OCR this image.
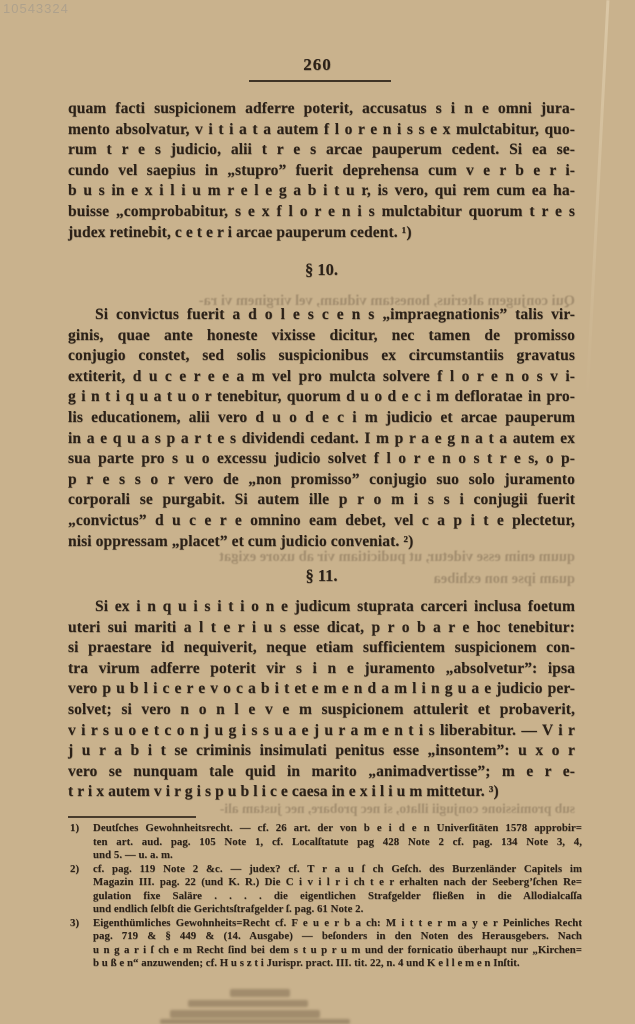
10543324
260
Qui conjugem alterius, honestam viduam, vel virginem vi ra-
quum enim esse videtur, ut pudicitiam vir ab uxore exigat
quam ipse non exhibea
sub promissione conjugii illato, si nec probare, nec justam ali-
quam facti suspicionem adferre poterit, accusatus s i n e omni jura-
mento absolvatur, v i t i a t a autem f l o r e n i s s e x mulctabitur, quo-
rum t r e s judicio, alii t r e s arcae pauperum cedent. Si ea se-
cundo vel saepius in „stupro” fuerit deprehensa cum v e r b e r i-
b u s in e x i l i u m r e l e g a b i t u r, is vero, qui rem cum ea ha-
buisse „comprobabitur, s e x f l o r e n i s mulctabitur quorum t r e s
judex retinebit, c e t e r i arcae pauperum cedent. ¹)
§ 10.
Si convictus fuerit a d o l e s c e n s „impraegnationis” talis vir-
ginis, quae ante honeste vixisse dicitur, nec tamen de promisso
conjugio constet, sed solis suspicionibus ex circumstantiis gravatus
extiterit, d u c e r e e a m vel pro mulcta solvere f l o r e n o s v i-
g i n t i q u a t u o r tenebitur, quorum d u o d e c i m defloratae in pro-
lis educationem, alii vero d u o d e c i m judicio et arcae pauperum
in a e q u a s p a r t e s dividendi cedant. I m p r a e g n a t a autem ex
sua parte pro s u o excessu judicio solvet f l o r e n o s t r e s, o p-
p r e s s o r vero de „non promisso” conjugio suo solo juramento
corporali se purgabit. Si autem ille p r o m i s s i conjugii fuerit
„convictus” d u c e r e omnino eam debet, vel c a p i t e plectetur,
nisi oppressam „placet” et cum judicio conveniat. ²)
§ 11.
Si ex i n q u i s i t i o n e judicum stuprata carceri inclusa foetum
uteri sui mariti a l t e r i u s esse dicat, p r o b a r e hoc tenebitur:
si praestare id nequiverit, neque etiam sufficientem suspicionem con-
tra virum adferre poterit vir s i n e juramento „absolvetur”: ipsa
vero p u b l i c e r e v o c a b i t et e m e n d a m l i n g u a e judicio per-
solvet; si vero n o n l e v e m suspicionem attulerit et probaverit,
v i r s u o e t c o n j u g i s s u a e j u r a m e n t i s liberabitur. — V i r
j u r a b i t se criminis insimulati penitus esse „insontem”: u x o r
vero se nunquam tale quid in marito „animadvertisse”; m e r e-
t r i x autem v i r g i s p u b l i c e caesa in e x i l i u m mittetur. ³)
1) Deutſches Gewohnheitsrecht. — cf. 26 art. der von b e i d e n Univerſitäten 1578 approbir=
ten art. aud. pag. 105 Note 1, cf. Localſtatute pag 428 Note 2 cf. pag. 134 Note 3, 4,
und 5. — u. a. m.
2) cf. pag. 119 Note 2 &c. — judex? cf. T r a u ſ ch Geſch. des Burzenländer Capitels im
Magazin III. pag. 22 (und K. R.) Die C i v i l r i ch t e r erhalten nach der Seeberg’ſchen Re=
gulation fixe Saläre . . . . die eigentlichen Strafgelder fließen in die Allodialcaſſa
und endlich ſelbſt die Gerichtsſtrafgelder ſ. pag. 61 Note 2.
3) Eigenthümliches Gewohnheits=Recht cf. F e u e r b a ch: M i t t e r m a y e r Peinliches Recht
pag. 719 & § 449 & (14. Ausgabe) — beſonders in den Noten des Herausgebers. Nach
u n g a r i ſ ch e m Recht ſind bei dem s t u p r u m und der fornicatio überhaupt nur „Kirchen=
b u ß e n“ anzuwenden; cf. H u s z t i Jurispr. pract. III. tit. 22, n. 4 und K e l l e m e n Inſtit.
